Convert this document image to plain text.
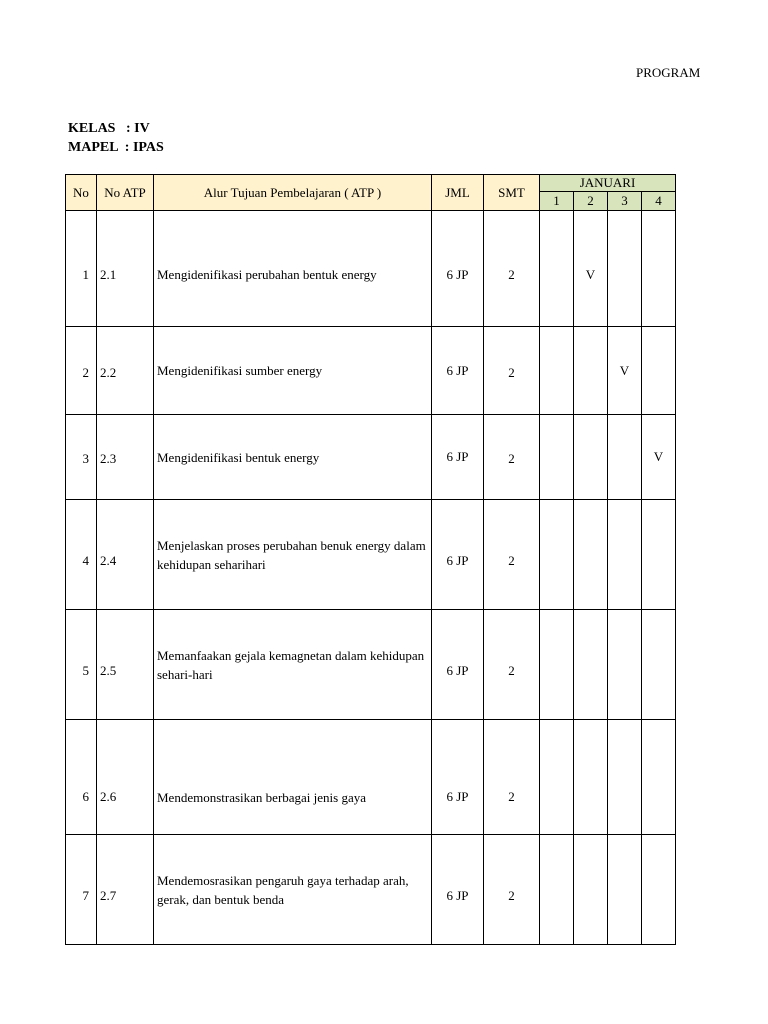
PROGRAM
KELAS   : IV
MAPEL  : IPAS
No	No ATP	Alur Tujuan Pembelajaran ( ATP )	JML	SMT	JANUARI			
					1	2	3	4

1	2.1	Mengidenifikasi perubahan bentuk energy	6 JP	2		V		

2	2.2	Mengidenifikasi sumber energy	6 JP	2			V	

3	2.3	Mengidenifikasi bentuk energy	6 JP	2				V

4	2.4	Menjelaskan proses perubahan benuk energy dalam kehidupan seharihari	6 JP	2				

5	2.5	Memanfaakan gejala kemagnetan dalam kehidupan sehari-hari	6 JP	2				

6	2.6	Mendemonstrasikan berbagai jenis gaya	6 JP	2				

7	2.7	Mendemosrasikan pengaruh gaya terhadap arah, gerak, dan bentuk benda	6 JP	2				
